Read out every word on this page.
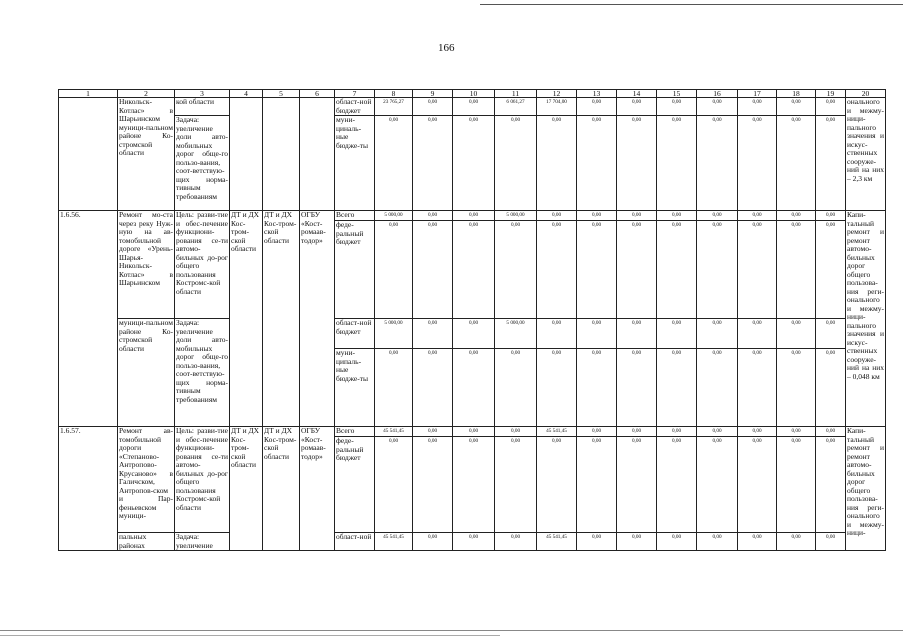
166
1	2	3	4	5	6	7	8	9	10	11	12	13	14	15	16	17	18	19	20
	Никольск-Котлас» в Шарьинском муници-пальном районе Ко-стромской области	кой области				област-ной бюджет	23 765,27	0,00	0,00	6 061,27	17 704,00	0,00	0,00	0,00	0,00	0,00	0,00	0,00	онального и межму-ници-пального значения и искус-ственных сооруже-ний на них – 2,3 км
		Задача: увеличение доли авто-мобильных дорог обще-го пользо-вания, соот-ветствую-щих норма-тивным требованиям				муни-циналь-ные бюдже-ты	0,00	0,00	0,00	0,00	0,00	0,00	0,00	0,00	0,00	0,00	0,00	0,00	
1.6.56.	Ремонт мо-ста через реку Нуж-ную на ав-томобильной дороге «Урень-Шарья-Никольск-Котлас» в Шарьинском	Цель: разви-тие и обес-печение функциони-рования се-ти автомо-бильных до-рог общего пользования Костромс-кой области	ДТ и ДХ Кос-тром-ской области	ДТ и ДХ Кос-тром-ской области	ОГБУ «Кост-ромаав-тодор»	Всего	5 000,00	0,00	0,00	5 000,00	0,00	0,00	0,00	0,00	0,00	0,00	0,00	0,00	Капи-тальный ремонт и ремонт автомо-бильных дорог общего пользова-ния реги-онального и межму-ници-пального значения и искус-ственных сооруже-ний на них – 0,048 км
						феде-ральный бюджет	0,00	0,00	0,00	0,00	0,00	0,00	0,00	0,00	0,00	0,00	0,00	0,00	
	муници-пальном районе Ко-стромской области	Задача: увеличение доли авто-мобильных дорог обще-го пользо-вания, соот-ветствую-щих норма-тивным требованиям				област-ной бюджет	5 000,00	0,00	0,00	5 000,00	0,00	0,00	0,00	0,00	0,00	0,00	0,00	0,00	
						муни-ципаль-ные бюдже-ты	0,00	0,00	0,00	0,00	0,00	0,00	0,00	0,00	0,00	0,00	0,00	0,00	
1.6.57.	Ремонт ав-томобильной дороги «Степаново-Антропово-Крусаново» в Галичском, Антропов-ском и Пар-феньевском муници-	Цель: разви-тие и обес-печение функциони-рования се-ти автомо-бильных до-рог общего пользования Костромс-кой области	ДТ и ДХ Кос-тром-ской области	ДТ и ДХ Кос-тром-ской области	ОГБУ «Кост-ромаав-тодор»	Всего	45 541,45	0,00	0,00	0,00	45 541,45	0,00	0,00	0,00	0,00	0,00	0,00	0,00	Капи-тальный ремонт и ремонт автомо-бильных дорог общего пользова-ния реги-онального и межму-ници-
						феде-ральный бюджет	0,00	0,00	0,00	0,00	0,00	0,00	0,00	0,00	0,00	0,00	0,00	0,00	
	пальных районах	Задача: увеличение				област-ной	45 541,45	0,00	0,00	0,00	45 541,45	0,00	0,00	0,00	0,00	0,00	0,00	0,00	
